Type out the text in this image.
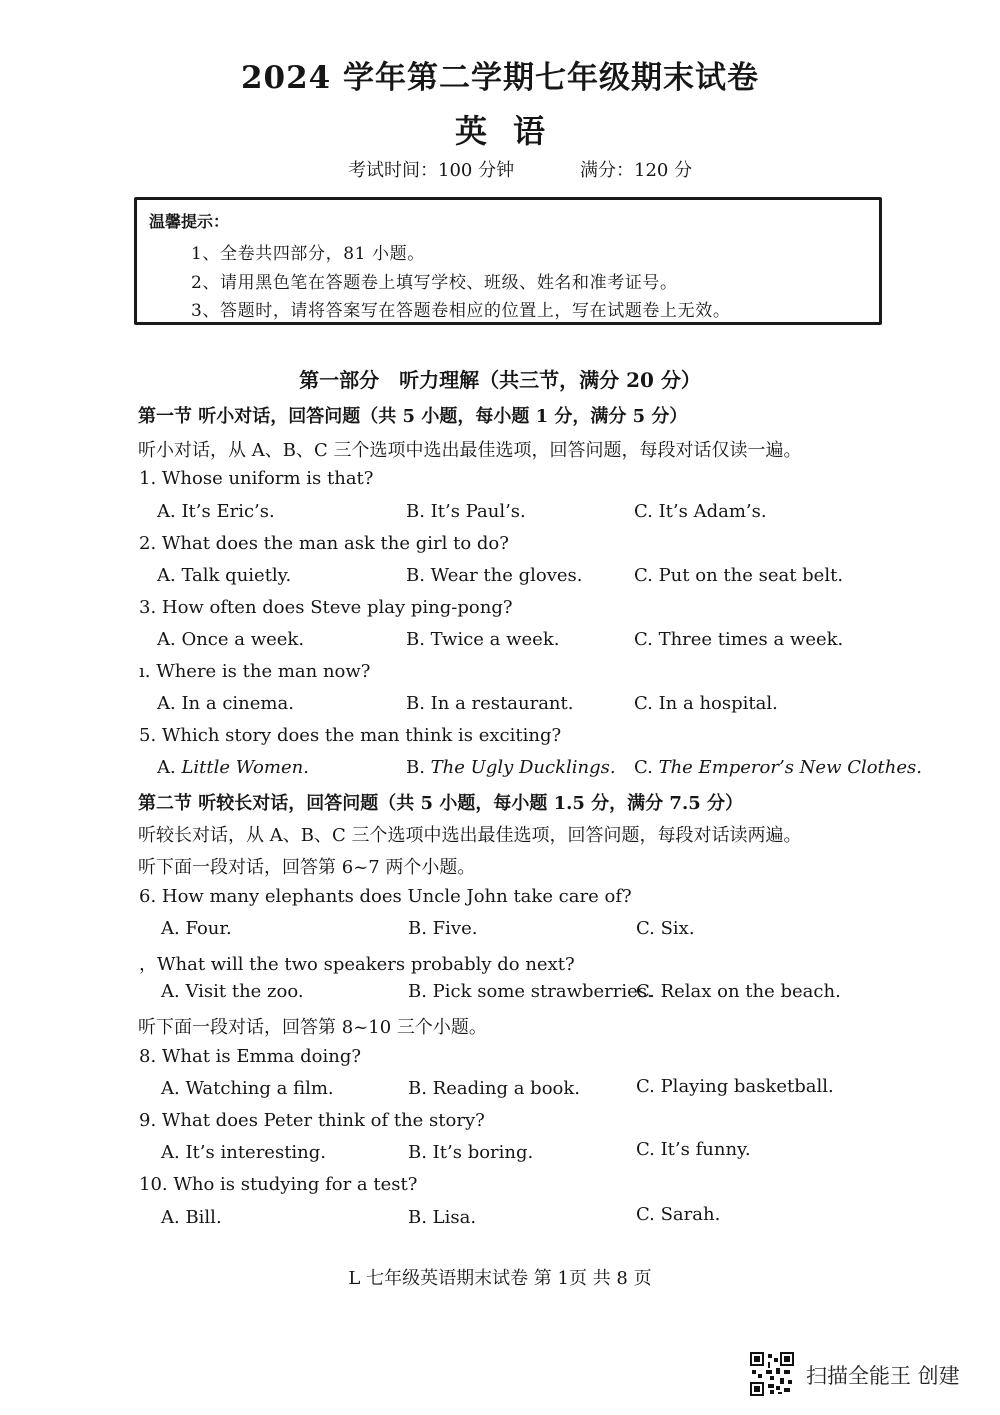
2024 学年第二学期七年级期末试卷
英语
考试时间：100 分钟	满分：120 分
温馨提示：
1、全卷共四部分，81 小题。
2、请用黑色笔在答题卷上填写学校、班级、姓名和准考证号。
3、答题时，请将答案写在答题卷相应的位置上，写在试题卷上无效。
第一部分　听力理解（共三节，满分 20 分）
第一节 听小对话，回答问题（共 5 小题，每小题 1 分，满分 5 分）
听小对话，从 A、B、C 三个选项中选出最佳选项，回答问题，每段对话仅读一遍。
1. Whose uniform is that?
A. It’s Eric’s.	B. It’s Paul’s.	C. It’s Adam’s.
2. What does the man ask the girl to do?
A. Talk quietly.	B. Wear the gloves.	C. Put on the seat belt.
3. How often does Steve play ping-pong?
A. Once a week.	B. Twice a week.	C. Three times a week.
ı. Where is the man now?
A. In a cinema.	B. In a restaurant.	C. In a hospital.
5. Which story does the man think is exciting?
A. Little Women.	B. The Ugly Ducklings. C. The Emperor’s New Clothes.
第二节 听较长对话，回答问题（共 5 小题，每小题 1.5 分，满分 7.5 分）
听较长对话，从 A、B、C 三个选项中选出最佳选项，回答问题，每段对话读两遍。
听下面一段对话，回答第 6~7 两个小题。
6. How many elephants does Uncle John take care of?
A. Four.	B. Five.	C. Six.
，What will the two speakers probably do next?
A. Visit the zoo.	B. Pick some strawberries.
C. Relax on the beach.
听下面一段对话，回答第 8~10 三个小题。
8. What is Emma doing?
A. Watching a film.	B. Reading a book.	C. Playing basketball.
9. What does Peter think of the story?
A. It’s interesting.	B. It’s boring.	C. It’s funny.
10. Who is studying for a test?
A. Bill.	B. Lisa.	C. Sarah.
L 七年级英语期末试卷 第 1页 共 8 页
扫描全能王 创建
